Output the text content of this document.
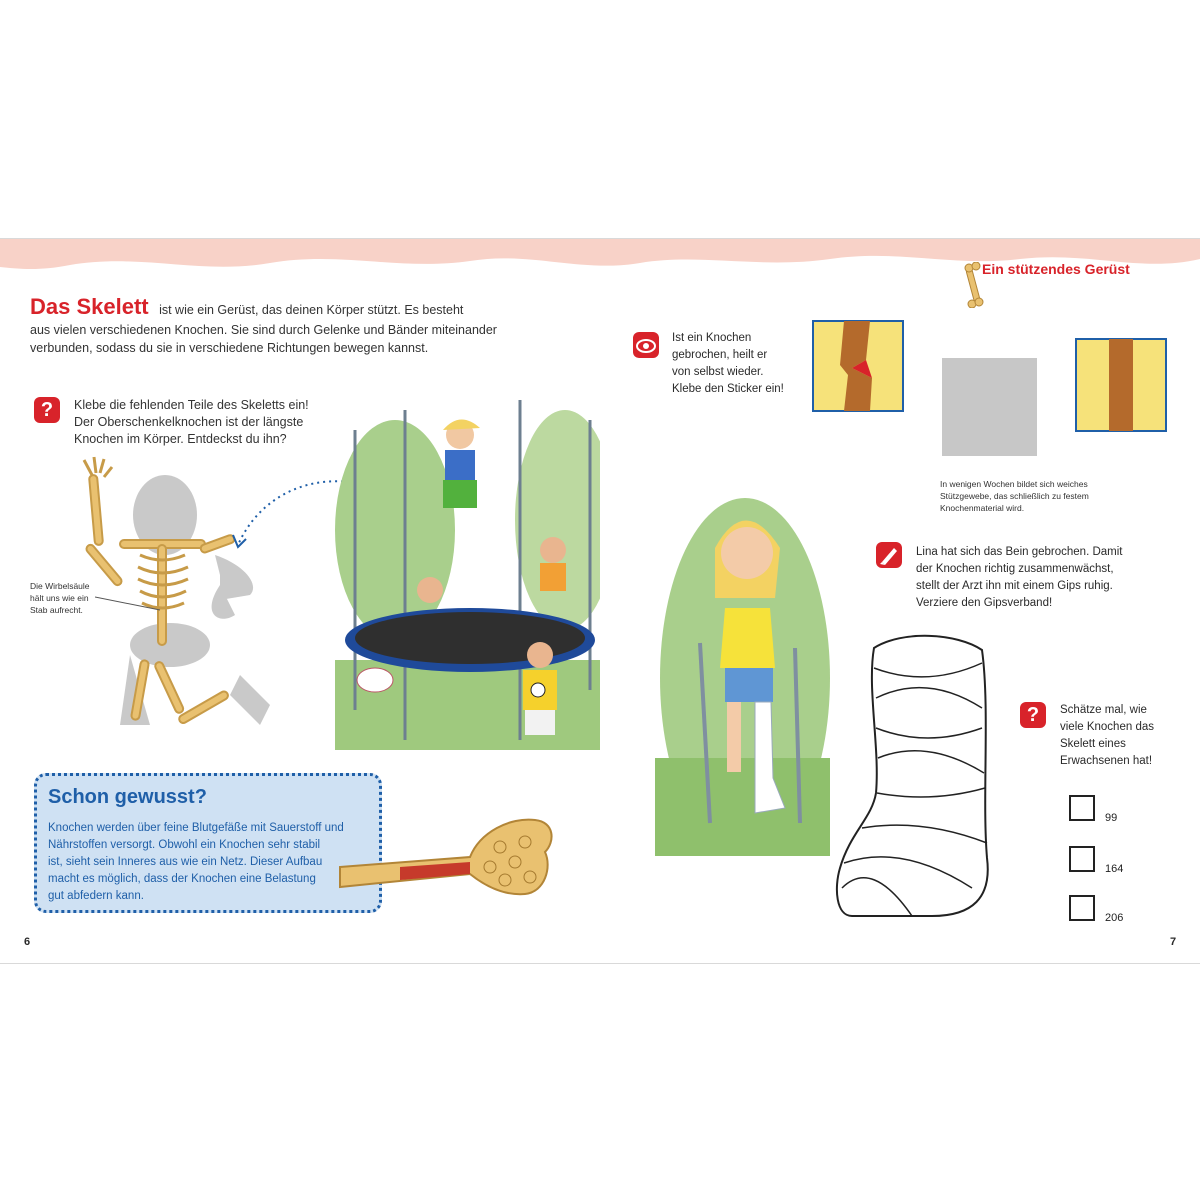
Das Skelett ist wie ein Gerüst, das deinen Körper stützt. Es besteht
aus vielen verschiedenen Knochen. Sie sind durch Gelenke und Bänder miteinander
verbunden, sodass du sie in verschiedene Richtungen bewegen kannst.
?	Klebe die fehlenden Teile des Skeletts ein!
Der Oberschenkelknochen ist der längste
Knochen im Körper. Entdeckst du ihn?
Die Wirbelsäule
hält uns wie ein
Stab aufrecht.
Schon gewusst?
Knochen werden über feine Blutgefäße mit Sauerstoff und
Nährstoffen versorgt. Obwohl ein Knochen sehr stabil
ist, sieht sein Inneres aus wie ein Netz. Dieser Aufbau
macht es möglich, dass der Knochen eine Belastung
gut abfedern kann.
6
Ein stützendes Gerüst
Ist ein Knochen
gebrochen, heilt er
von selbst wieder.
Klebe den Sticker ein!
In wenigen Wochen bildet sich weiches
Stützgewebe, das schließlich zu festem
Knochenmaterial wird.
Lina hat sich das Bein gebrochen. Damit
der Knochen richtig zusammenwächst,
stellt der Arzt ihn mit einem Gips ruhig.
Verziere den Gipsverband!
?	Schätze mal, wie
viele Knochen das
Skelett eines
Erwachsenen hat!
99
164
206
7
